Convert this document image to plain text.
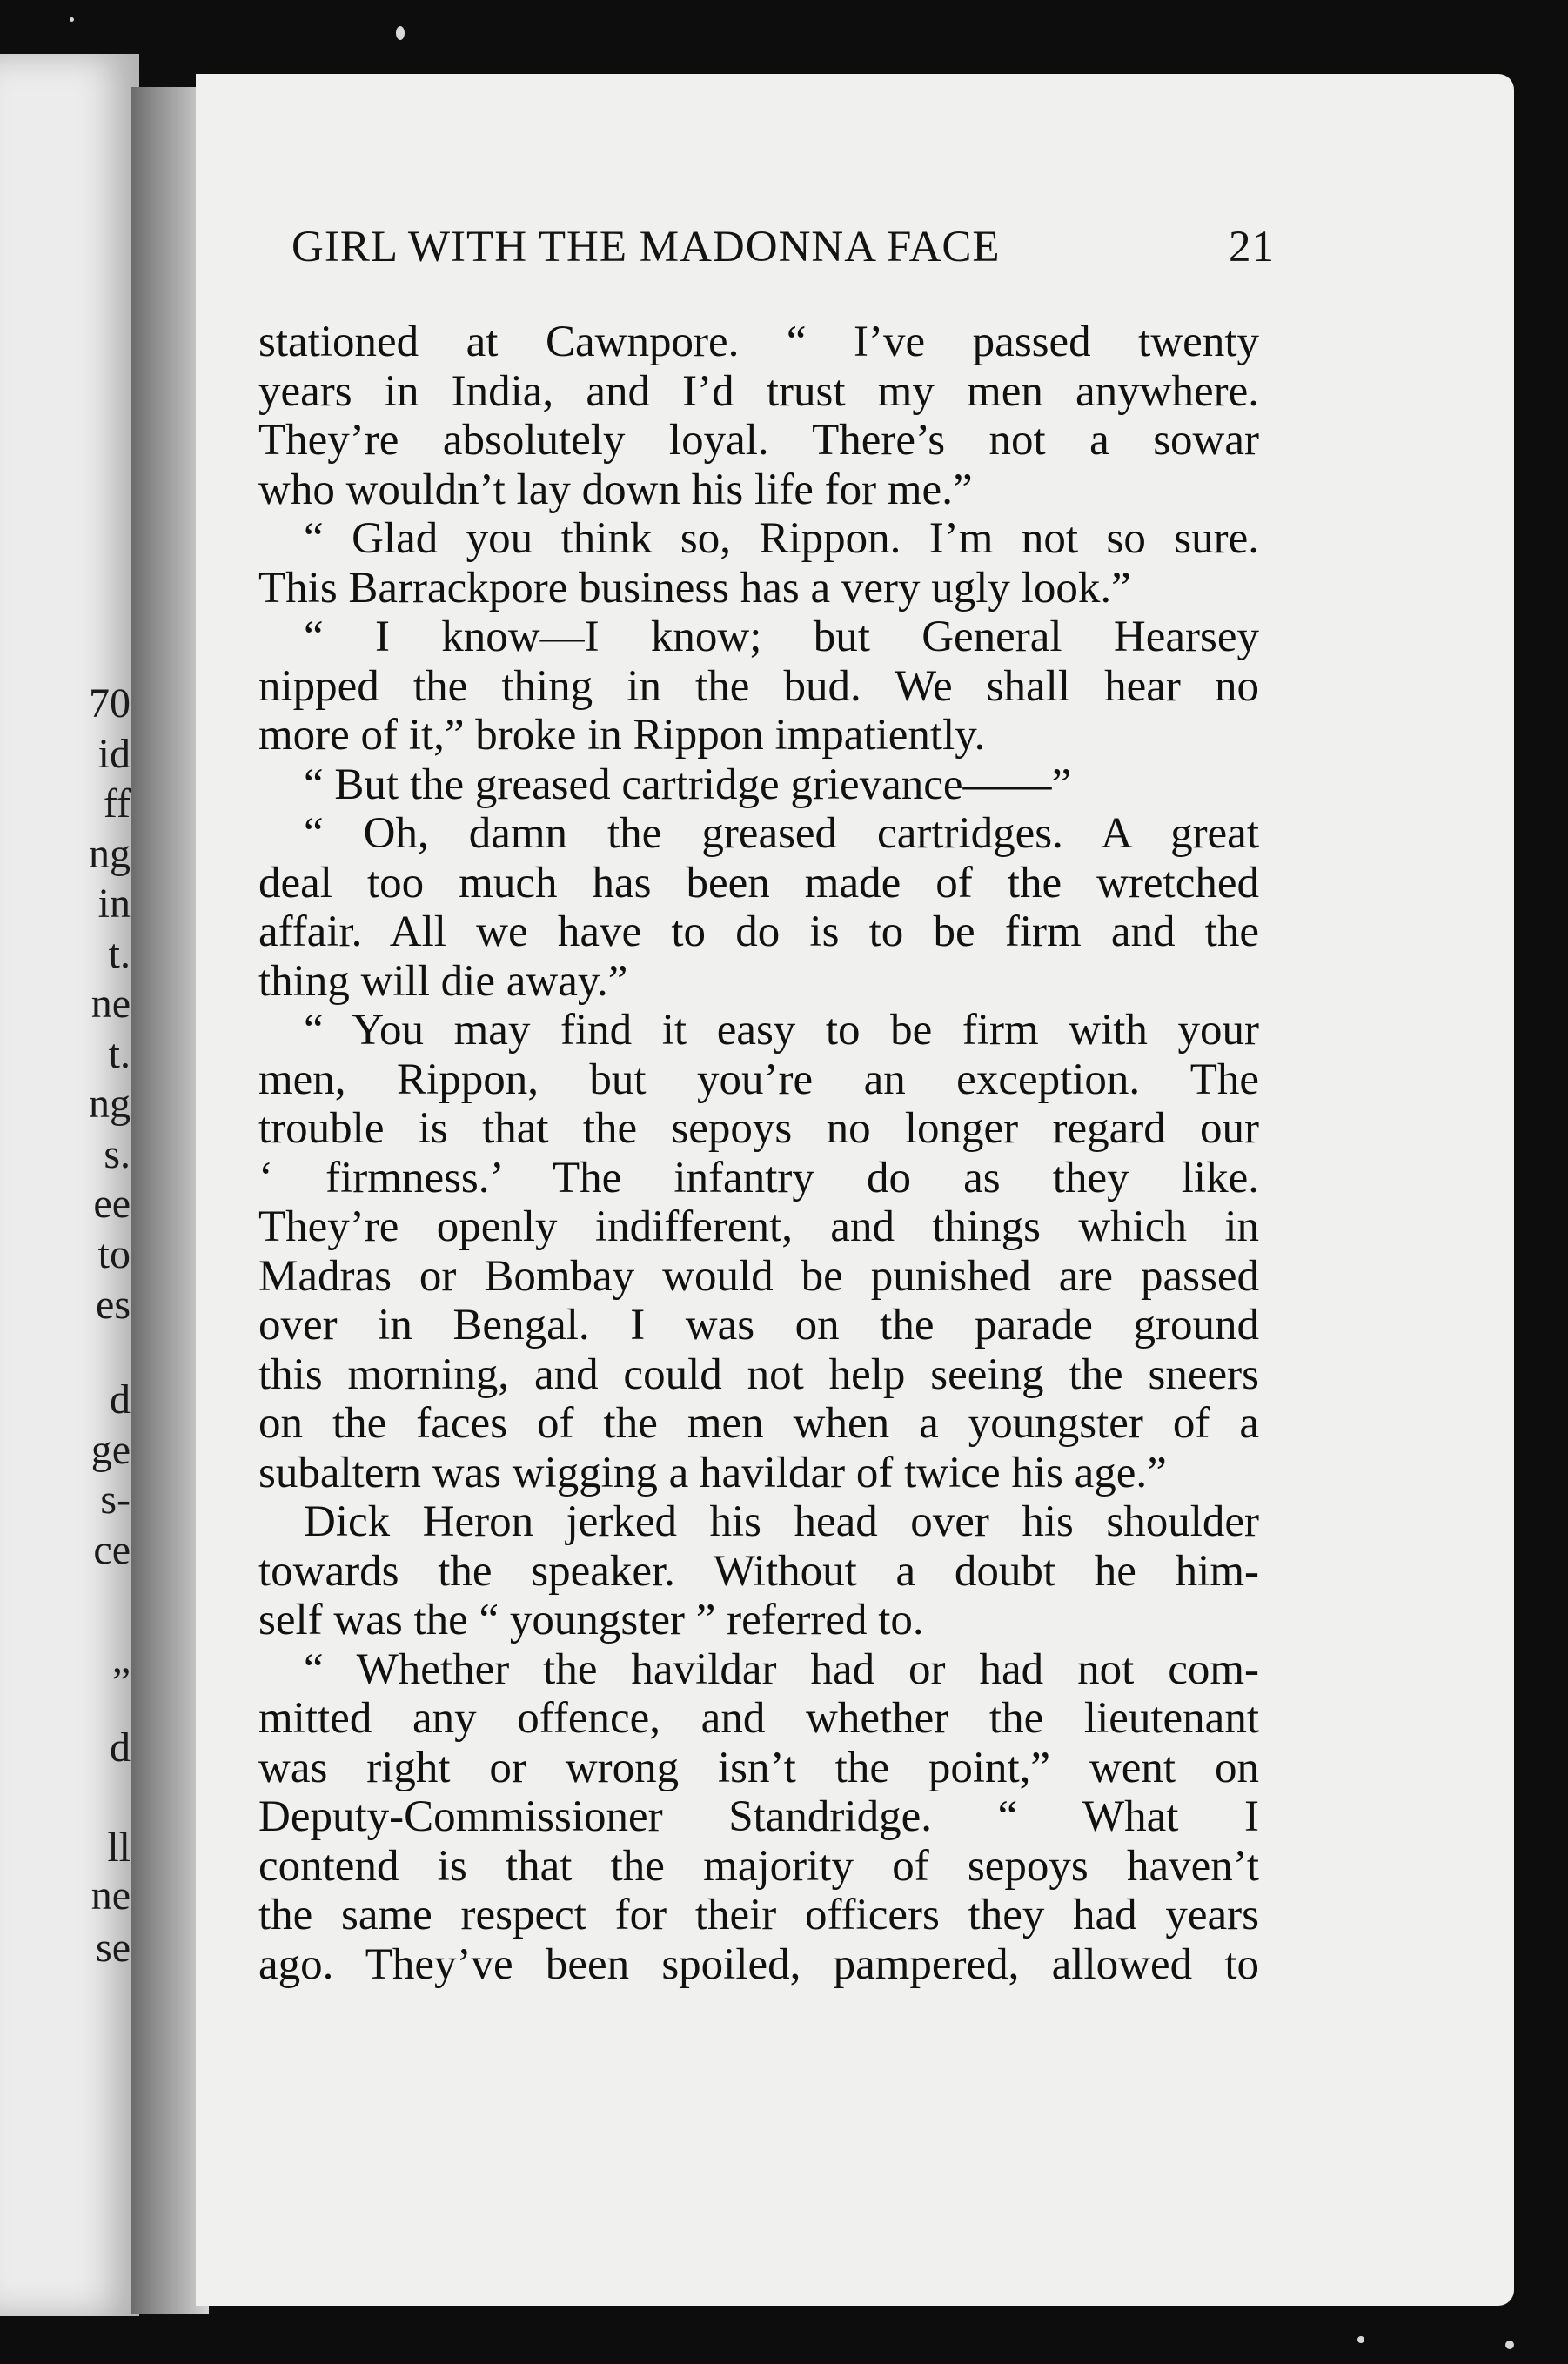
70
id
ff
ng
in
t.
ne
t.
ng
s.
ee
to
es
d
ge
s-
ce
”
d
ll
ne
se
GIRL WITH THE MADONNA FACE	21
stationed at Cawnpore. “ I’ve passed twenty
years in India, and I’d trust my men anywhere.
They’re absolutely loyal. There’s not a sowar
who wouldn’t lay down his life for me.”
“ Glad you think so, Rippon. I’m not so sure.
This Barrackpore business has a very ugly look.”
“ I know—I know; but General Hearsey
nipped the thing in the bud. We shall hear no
more of it,” broke in Rippon impatiently.
“ But the greased cartridge grievance——”
“ Oh, damn the greased cartridges. A great
deal too much has been made of the wretched
affair. All we have to do is to be firm and the
thing will die away.”
“ You may find it easy to be firm with your
men, Rippon, but you’re an exception. The
trouble is that the sepoys no longer regard our
‘ firmness.’ The infantry do as they like.
They’re openly indifferent, and things which in
Madras or Bombay would be punished are passed
over in Bengal. I was on the parade ground
this morning, and could not help seeing the sneers
on the faces of the men when a youngster of a
subaltern was wigging a havildar of twice his age.”
Dick Heron jerked his head over his shoulder
towards the speaker. Without a doubt he him-
self was the “ youngster ” referred to.
“ Whether the havildar had or had not com-
mitted any offence, and whether the lieutenant
was right or wrong isn’t the point,” went on
Deputy-Commissioner Standridge. “ What I
contend is that the majority of sepoys haven’t
the same respect for their officers they had years
ago. They’ve been spoiled, pampered, allowed to
